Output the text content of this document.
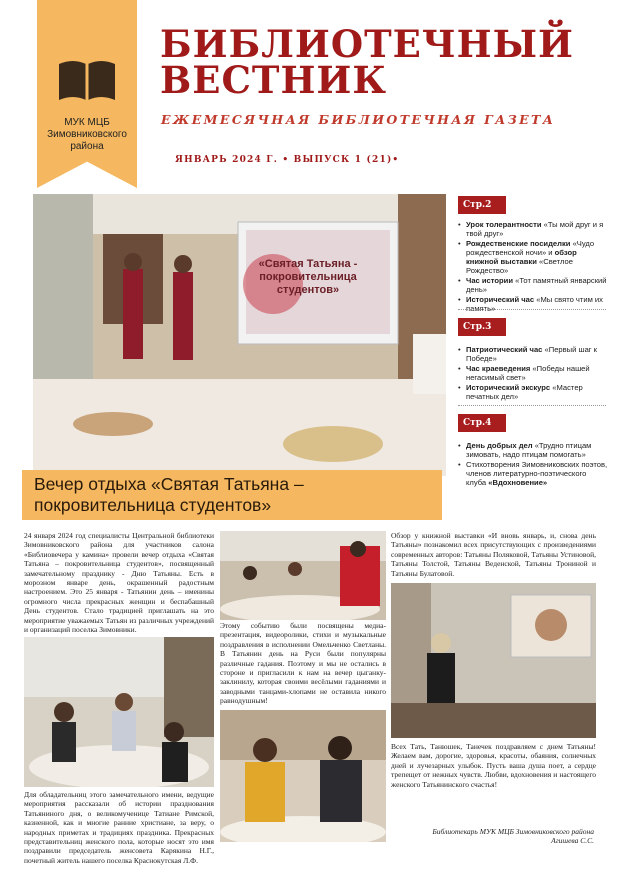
МУК МЦБ Зимовниковского района
БИБЛИОТЕЧНЫЙ
ВЕСТНИК
ЕЖЕМЕСЯЧНАЯ БИБЛИОТЕЧНАЯ ГАЗЕТА
ЯНВАРЬ 2024 Г. • ВЫПУСК 1 (21)•
«Святая Татьяна - покровительница студентов»
Вечер отдыха «Святая Татьяна – покровительница студентов»
Стр.2
• Урок толерантности «Ты мой друг и я твой друг»
• Рождественские посиделки «Чудо рождественской ночи» и обзор книжной выставки «Светлое Рождество»
• Час истории «Тот памятный январский день»
• Исторический час «Мы свято чтим их память»
Стр.3
• Патриотический час «Первый шаг к Победе»
• Час краеведения «Победы нашей негасимый свет»
• Исторический экскурс «Мастер печатных дел»
Стр.4
• День добрых дел «Трудно птицам зимовать, надо птицам помогать»
• Стихотворения Зимовниковских поэтов, членов литературно-поэтического клуба «Вдохновение»
24 января 2024 год специалисты Центральной библиотеки Зимовниковского района для участников салона «Библиовечера у камина» провели вечер отдыха «Святая Татьяна – покровительница студентов», посвященный замечательному празднику - Дню Татьяны. Есть в морозном январе день, окрашенный радостным настроением. Это 25 января - Татьянин день – именины огромного числа прекрасных женщин и беспабашный День студентов. Стало традицией приглашать на это мероприятие уважаемых Татьян из различных учреждений и организаций поселка Зимовники.
Для обладательниц этого замечательного имени, ведущие мероприятия рассказали об истории празднования Татьяниного дня, о великомученице Татиане Римской, казненной, как и многие ранние христиане, за веру, о народных приметах и традициях праздника. Прекрасных представительниц женского пола, которые носят это имя поздравили председатель женсовета Карякина Н.Г., почетный житель нашего поселка Краснокутская Л.Ф.
Этому событию были посвящены медиа-презентация, видеоролики, стихи и музыкальные поздравления в исполнении Омельченко Светланы. В Татьянин день на Руси были популярны различные гадания. Поэтому и мы не остались в стороне и пригласили к нам на вечер цыганку-заклинилу, которая своими весёлыми гаданиями и заводными танцами-хлопами не оставила никого равнодушным!
Обзор у книжной выставки «И вновь январь, и, снова день Татьяны» познакомил всех присутствующих с произведениями современных авторов: Татьяны Поляковой, Татьяны Устиновой, Татьяны Толстой, Татьяны Веденской, Татьяны Трониной и Татьяны Булатовой.
Всех Тать, Танюшек, Танечек поздравляем с днем Татьяны! Желаем вам, дорогие, здоровья, красоты, обаяния, солнечных дней и лучезарных улыбок. Пусть ваша душа поет, а сердце трепещет от нежных чувств. Любви, вдохновения и настоящего женского Татьянинского счастья!
Библиотекарь МУК МЦБ Зимовниковского района
Агишева С.С.
